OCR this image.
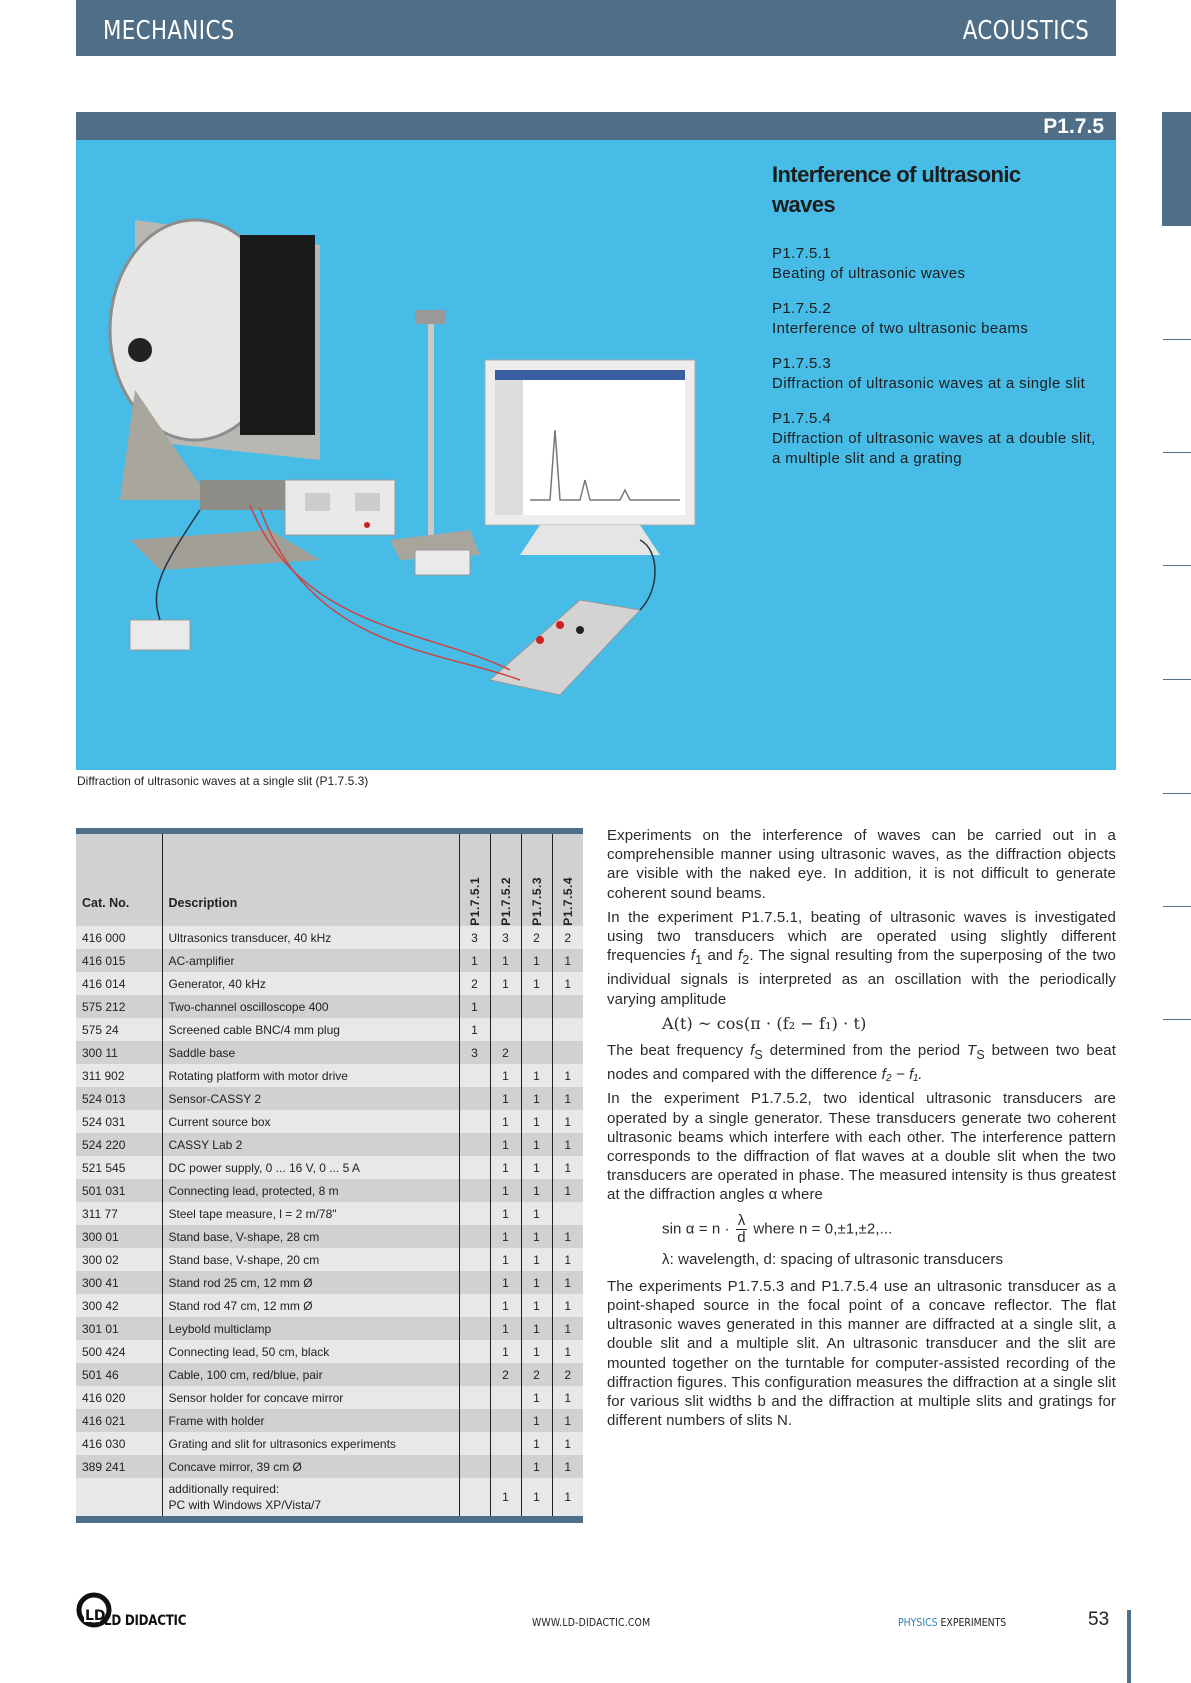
MECHANICS	ACOUSTICS
P1.7.5
Interference of ultrasonic waves
P1.7.5.1
Beating of ultrasonic waves
P1.7.5.2
Interference of two ultrasonic beams
P1.7.5.3
Diffraction of ultrasonic waves at a single slit
P1.7.5.4
Diffraction of ultrasonic waves at a double slit, a multiple slit and a grating
Diffraction of ultrasonic waves at a single slit (P1.7.5.3)
Cat. No.	Description	P1.7.5.1	P1.7.5.2	P1.7.5.3	P1.7.5.4

416 000	Ultrasonics transducer, 40 kHz	3	3	2	2
416 015	AC-amplifier	1	1	1	1
416 014	Generator, 40 kHz	2	1	1	1
575 212	Two-channel oscilloscope 400	1			
575 24	Screened cable BNC/4 mm plug	1			
300 11	Saddle base	3	2		
311 902	Rotating platform with motor drive		1	1	1
524 013	Sensor-CASSY 2		1	1	1
524 031	Current source box		1	1	1
524 220	CASSY Lab 2		1	1	1
521 545	DC power supply, 0 ... 16 V, 0 ... 5 A		1	1	1
501 031	Connecting lead, protected, 8 m		1	1	1
311 77	Steel tape measure, l = 2 m/78"		1	1	
300 01	Stand base, V-shape, 28 cm		1	1	1
300 02	Stand base, V-shape, 20 cm		1	1	1
300 41	Stand rod 25 cm, 12 mm Ø		1	1	1
300 42	Stand rod 47 cm, 12 mm Ø		1	1	1
301 01	Leybold multiclamp		1	1	1
500 424	Connecting lead, 50 cm, black		1	1	1
501 46	Cable, 100 cm, red/blue, pair		2	2	2
416 020	Sensor holder for concave mirror			1	1
416 021	Frame with holder			1	1
416 030	Grating and slit for ultrasonics experiments			1	1
389 241	Concave mirror, 39 cm Ø			1	1

	additionally required:
PC with Windows XP/Vista/7		1	1	1

Experiments on the interference of waves can be carried out in a comprehensible manner using ultrasonic waves, as the diffraction objects are visible with the naked eye. In addition, it is not difficult to generate coherent sound beams.

In the experiment P1.7.5.1, beating of ultrasonic waves is investigated using two transducers which are operated using slightly different frequencies $f_1$ and $f_2$. The signal resulting from the superposing of the two individual signals is interpreted as an oscillation with the periodically varying amplitude

A(t) ~ cos(π · (f₂ − f₁) · t)

The beat frequency $f_S$ determined from the period $T_S$ between two beat nodes and compared with the difference f₂ − f₁.

In the experiment P1.7.5.2, two identical ultrasonic transducers are operated by a single generator. These transducers generate two coherent ultrasonic beams which interfere with each other. The interference pattern corresponds to the diffraction of flat waves at a double slit when the two transducers are operated in phase. The measured intensity is thus greatest at the diffraction angles α where

$\sin \alpha = n \cdot \frac{\lambda}{d}$ where n = 0,±1,±2,...
λ: wavelength, d: spacing of ultrasonic transducers

The experiments P1.7.5.3 and P1.7.5.4 use an ultrasonic transducer as a point-shaped source in the focal point of a concave reflector. The flat ultrasonic waves generated in this manner are diffracted at a single slit, a double slit and a multiple slit. An ultrasonic transducer and the slit are mounted together on the turntable for computer-assisted recording of the diffraction figures. This configuration measures the diffraction at a single slit for various slit widths b and the diffraction at multiple slits and gratings for different numbers of slits N.

LD
LD DIDACTIC	WWW.LD-DIDACTIC.COM	PHYSICS EXPERIMENTS	53
